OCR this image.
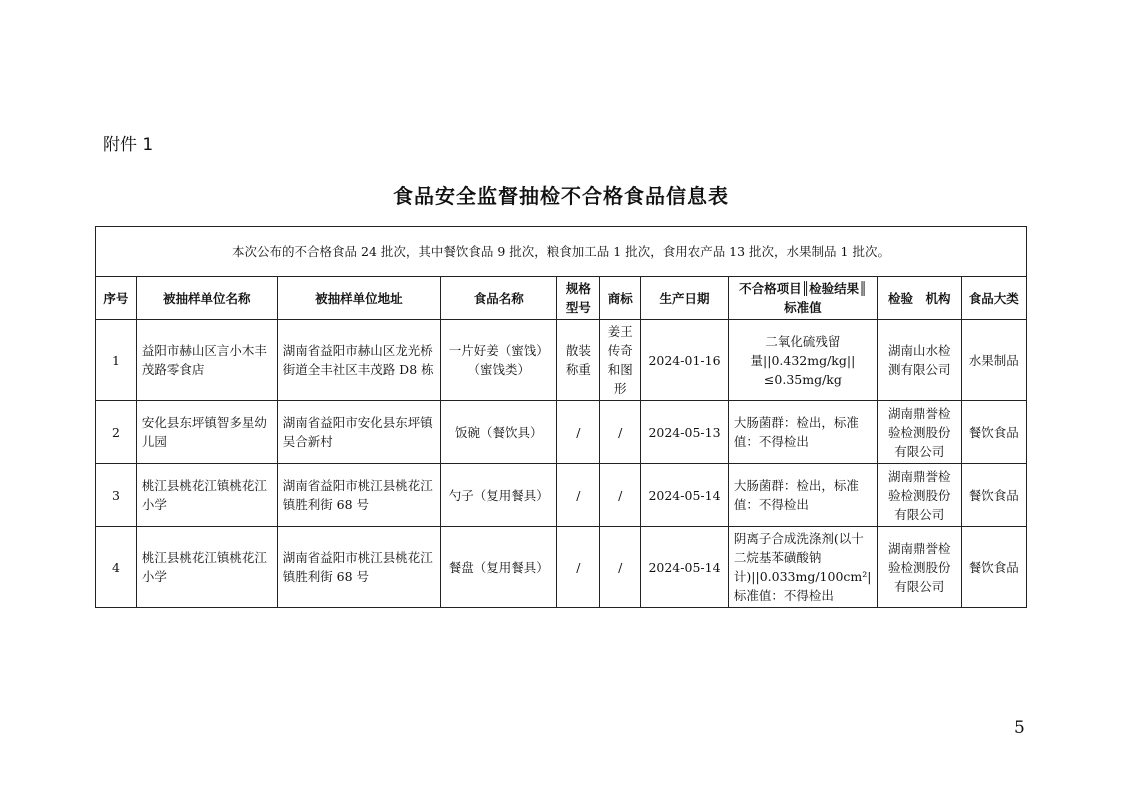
附件 1
食品安全监督抽检不合格食品信息表
本次公布的不合格食品 24 批次，其中餐饮食品 9 批次，粮食加工品 1 批次，食用农产品 13 批次，水果制品 1 批次。									
序号	被抽样单位名称	被抽样单位地址	食品名称	规格型号	商标	生产日期	不合格项目║检验结果║标准值	检验　机构	食品大类
1	益阳市赫山区言小木丰茂路零食店	湖南省益阳市赫山区龙光桥街道全丰社区丰茂路 D8 栋	一片好姜（蜜饯）（蜜饯类）	散装称重	姜王传奇和图形	2024-01-16	二氧化硫残留量||0.432mg/kg||≤0.35mg/kg	湖南山水检测有限公司	水果制品
2	安化县东坪镇智多星幼儿园	湖南省益阳市安化县东坪镇吴合新村	饭碗（餐饮具）	/	/	2024-05-13	大肠菌群：检出，标准值：不得检出	湖南鼎誉检验检测股份有限公司	餐饮食品
3	桃江县桃花江镇桃花江小学	湖南省益阳市桃江县桃花江镇胜利街 68 号	勺子（复用餐具）	/	/	2024-05-14	大肠菌群：检出，标准值：不得检出	湖南鼎誉检验检测股份有限公司	餐饮食品
4	桃江县桃花江镇桃花江小学	湖南省益阳市桃江县桃花江镇胜利街 68 号	餐盘（复用餐具）	/	/	2024-05-14	阴离子合成洗涤剂(以十二烷基苯磺酸钠计)||0.033mg/100cm²|标准值：不得检出	湖南鼎誉检验检测股份有限公司	餐饮食品
5
